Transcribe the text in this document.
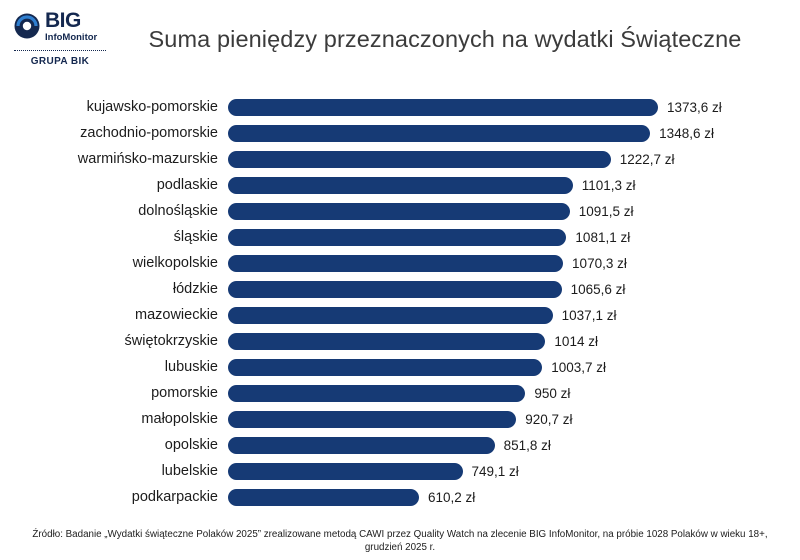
BIG
InfoMonitor
GRUPA BIK
Suma pieniędzy przeznaczonych na wydatki Świąteczne
kujawsko-pomorskie	1373,6 zł
zachodnio-pomorskie	1348,6 zł
warmińsko-mazurskie	1222,7 zł
podlaskie	1101,3 zł
dolnośląskie	1091,5 zł
śląskie	1081,1 zł
wielkopolskie	1070,3 zł
łódzkie	1065,6 zł
mazowieckie	1037,1 zł
świętokrzyskie	1014 zł
lubuskie	1003,7 zł
pomorskie	950 zł
małopolskie	920,7 zł
opolskie	851,8 zł
lubelskie	749,1 zł
podkarpackie	610,2 zł
Źródło: Badanie „Wydatki świąteczne Polaków 2025” zrealizowane metodą CAWI przez Quality Watch na zlecenie BIG InfoMonitor, na próbie 1028 Polaków w wieku 18+, grudzień 2025 r.
